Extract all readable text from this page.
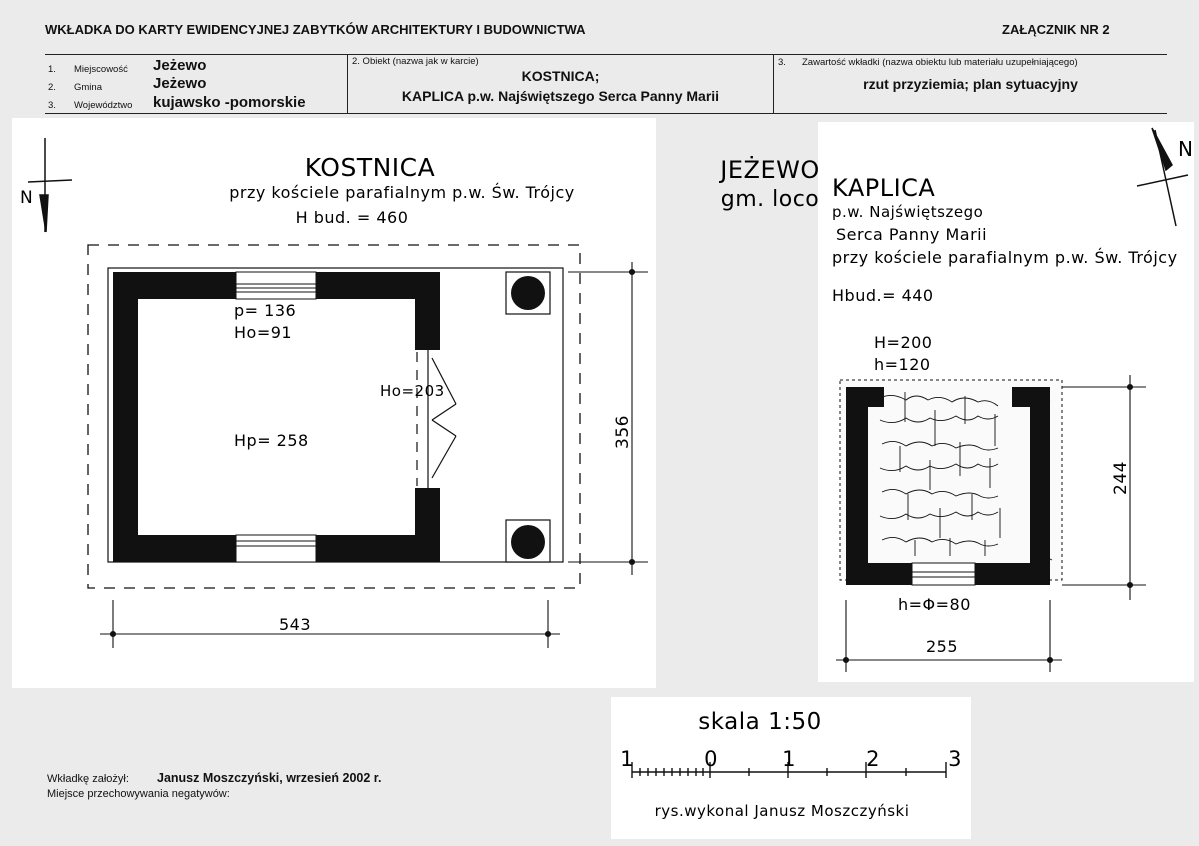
WKŁADKA DO KARTY EWIDENCYJNEJ ZABYTKÓW ARCHITEKTURY I BUDOWNICTWA	ZAŁĄCZNIK NR 2
1. Miejscowość Jeżewo
2. Gmina	Jeżewo
3. Województwo kujawsko -pomorskie
2. Obiekt (nazwa jak w karcie)
KOSTNICA;
KAPLICA p.w. Najświętszego Serca Panny Marii
3. Zawartość wkładki (nazwa obiektu lub materiału uzupełniającego)
rzut przyziemia; plan sytuacyjny
N
356
543
KOSTNICA
przy kościele parafialnym p.w. Św. Trójcy
H bud. = 460
p= 136
Ho=91
Ho=203
Hp= 258
JEŻEWO
gm. loco
N
KAPLICA
p.w. Najświętszego
Serca Panny Marii
przy kościele parafialnym p.w. Św. Trójcy
Hbud.= 440
H=200
h=120
244
h=Φ=80
255
skala 1:50
1	0	1	2	3
rys.wykonal Janusz Moszczyński
Wkładkę założył: Janusz Moszczyński, wrzesień 2002 r.
Miejsce przechowywania negatywów:
